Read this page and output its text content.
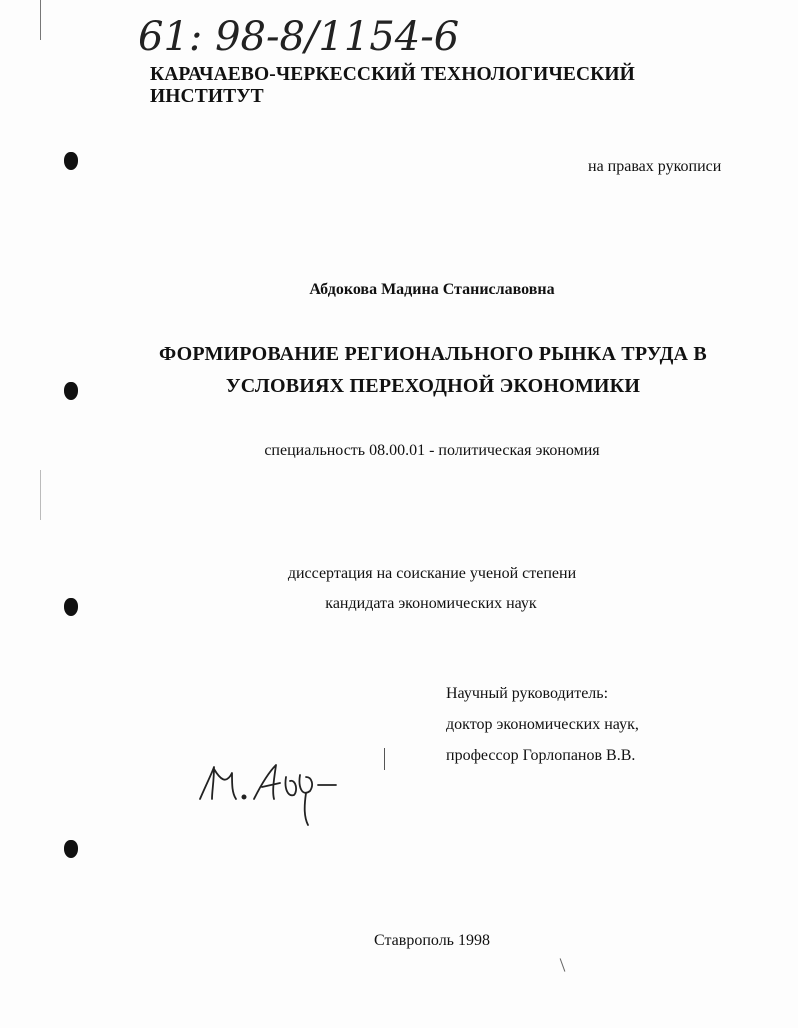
61: 98-8/1154-6
КАРАЧАЕВО-ЧЕРКЕССКИЙ ТЕХНОЛОГИЧЕСКИЙ ИНСТИТУТ
на правах рукописи
Абдокова Мадина Станиславовна
ФОРМИРОВАНИЕ РЕГИОНАЛЬНОГО РЫНКА ТРУДА В
УСЛОВИЯХ ПЕРЕХОДНОЙ ЭКОНОМИКИ
специальность 08.00.01 - политическая экономия
диссертация на соискание ученой степени
кандидата экономических наук
Научный руководитель:
доктор экономических наук,
профессор Горлопанов В.В.
Ставрополь 1998
